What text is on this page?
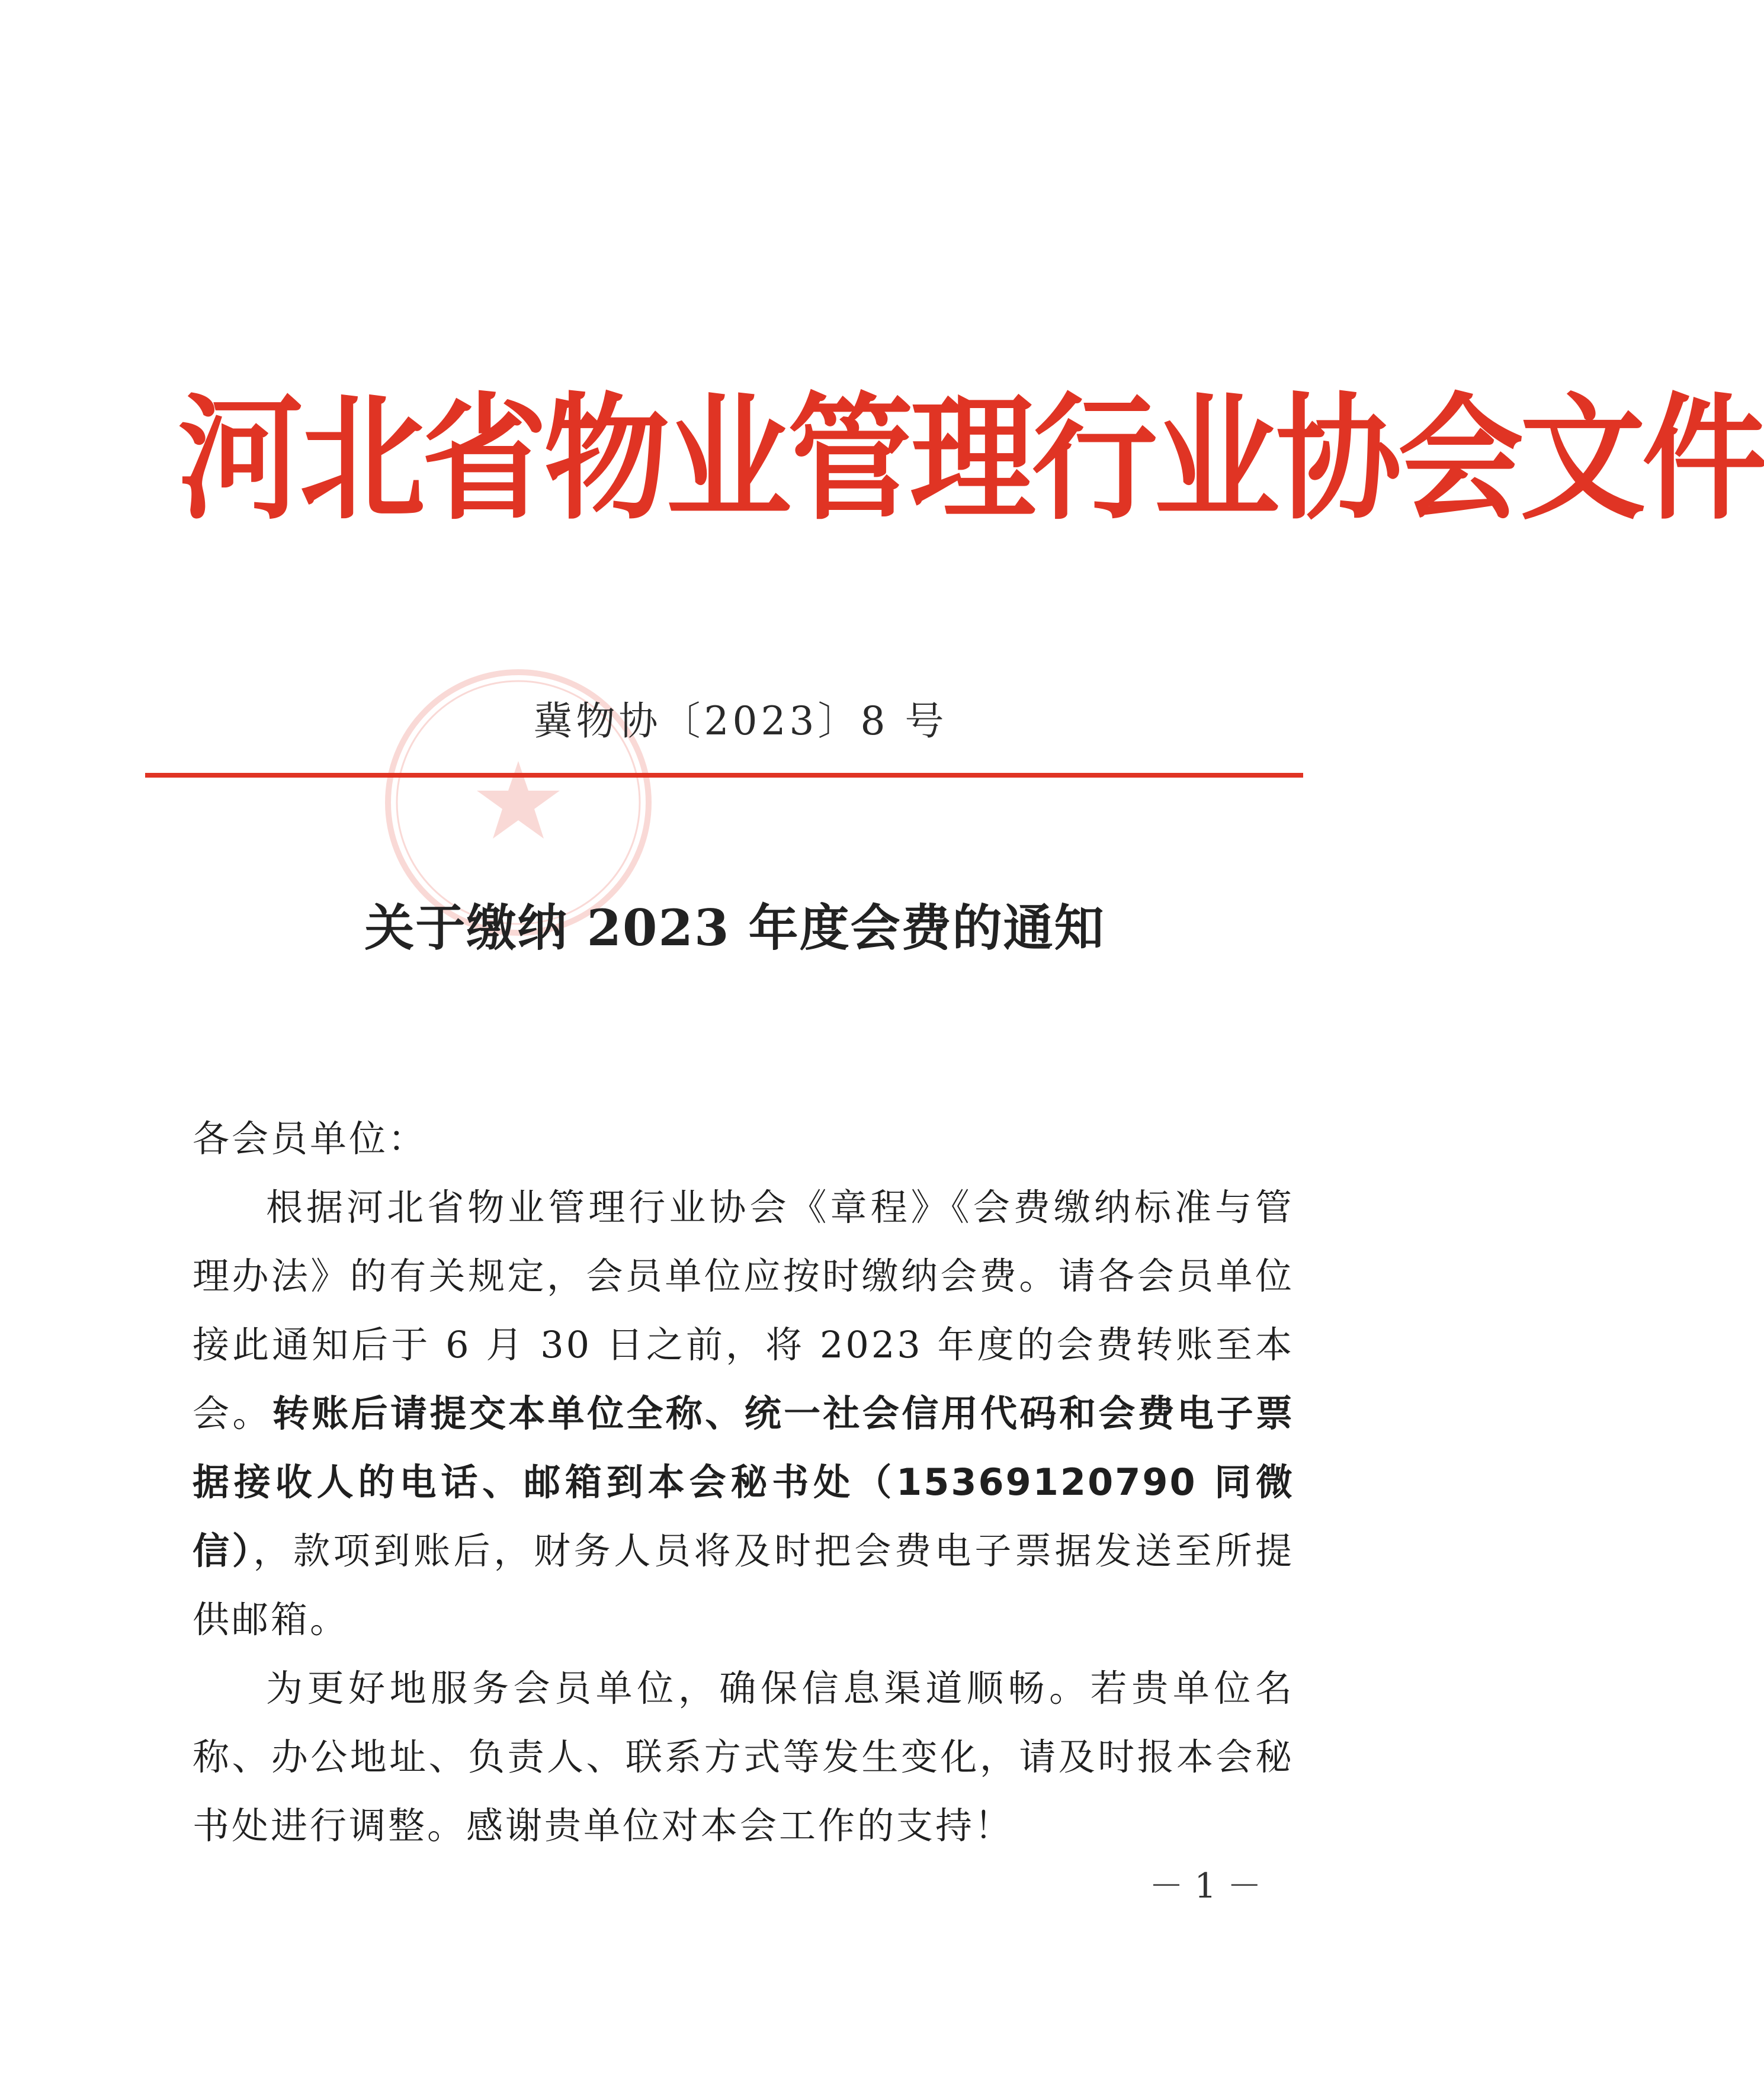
河北省物业管理行业协会文件
冀物协〔2023〕8 号
关于缴纳 2023 年度会费的通知

各会员单位：

根据河北省物业管理行业协会《章程》《会费缴纳标准与管理办法》的有关规定，会员单位应按时缴纳会费。请各会员单位接此通知后于 6 月 30 日之前，将 2023 年度的会费转账至本会。转账后请提交本单位全称、统一社会信用代码和会费电子票据接收人的电话、邮箱到本会秘书处（15369120790 同微信），款项到账后，财务人员将及时把会费电子票据发送至所提供邮箱。

为更好地服务会员单位，确保信息渠道顺畅。若贵单位名称、办公地址、负责人、联系方式等发生变化，请及时报本会秘书处进行调整。感谢贵单位对本会工作的支持！

－ 1 －
